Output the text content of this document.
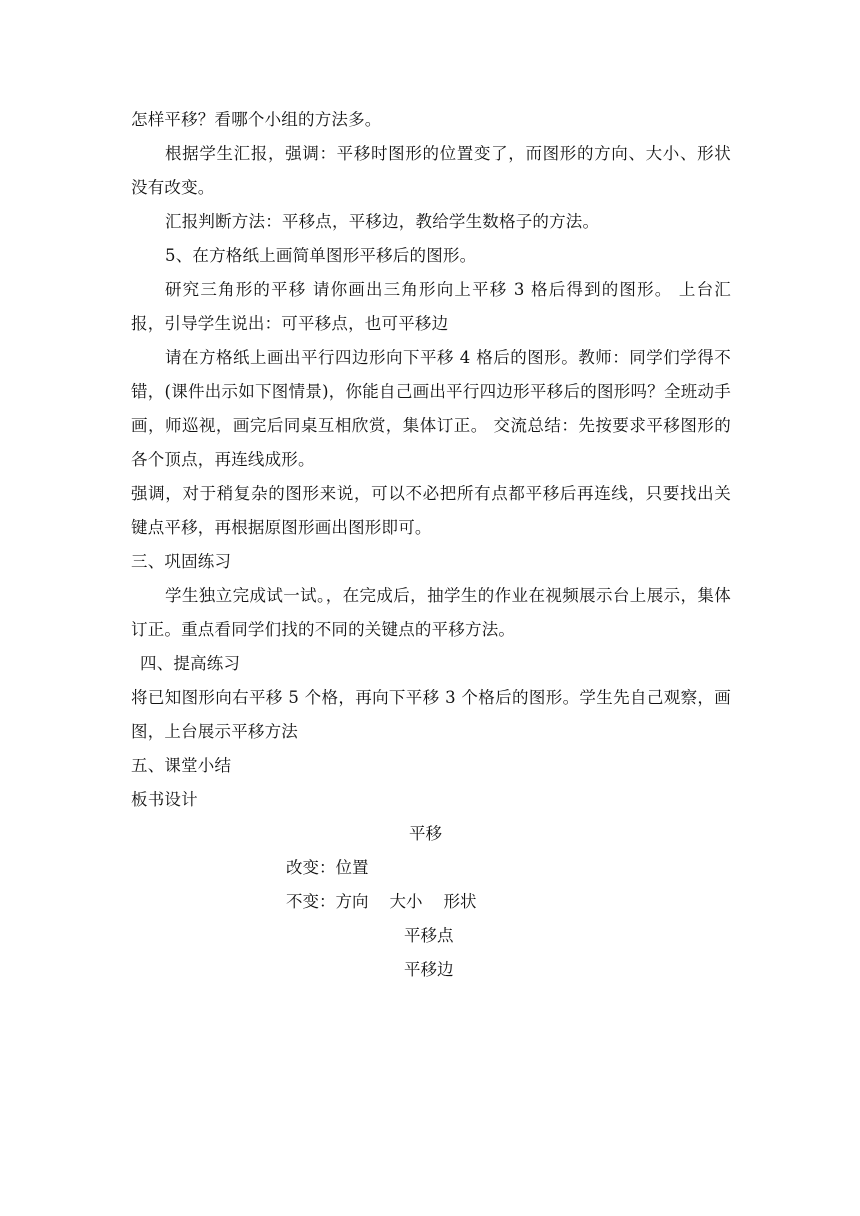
怎样平移？看哪个小组的方法多。

根据学生汇报，强调：平移时图形的位置变了，而图形的方向、大小、形状没有改变。

汇报判断方法：平移点，平移边，教给学生数格子的方法。

5、在方格纸上画简单图形平移后的图形。

研究三角形的平移 请你画出三角形向上平移 3 格后得到的图形。 上台汇报，引导学生说出：可平移点，也可平移边

请在方格纸上画出平行四边形向下平移 4 格后的图形。教师：同学们学得不错，(课件出示如下图情景)，你能自己画出平行四边形平移后的图形吗？全班动手画，师巡视，画完后同桌互相欣赏，集体订正。 交流总结：先按要求平移图形的各个顶点，再连线成形。

强调，对于稍复杂的图形来说，可以不必把所有点都平移后再连线，只要找出关键点平移，再根据原图形画出图形即可。

三、巩固练习

学生独立完成试一试。，在完成后，抽学生的作业在视频展示台上展示，集体订正。重点看同学们找的不同的关键点的平移方法。

四、提高练习

将已知图形向右平移 5 个格，再向下平移 3 个格后的图形。学生先自己观察，画图，上台展示平移方法

五、课堂小结

板书设计

平移
改变：位置
不变：方向    大小    形状
平移点
平移边
